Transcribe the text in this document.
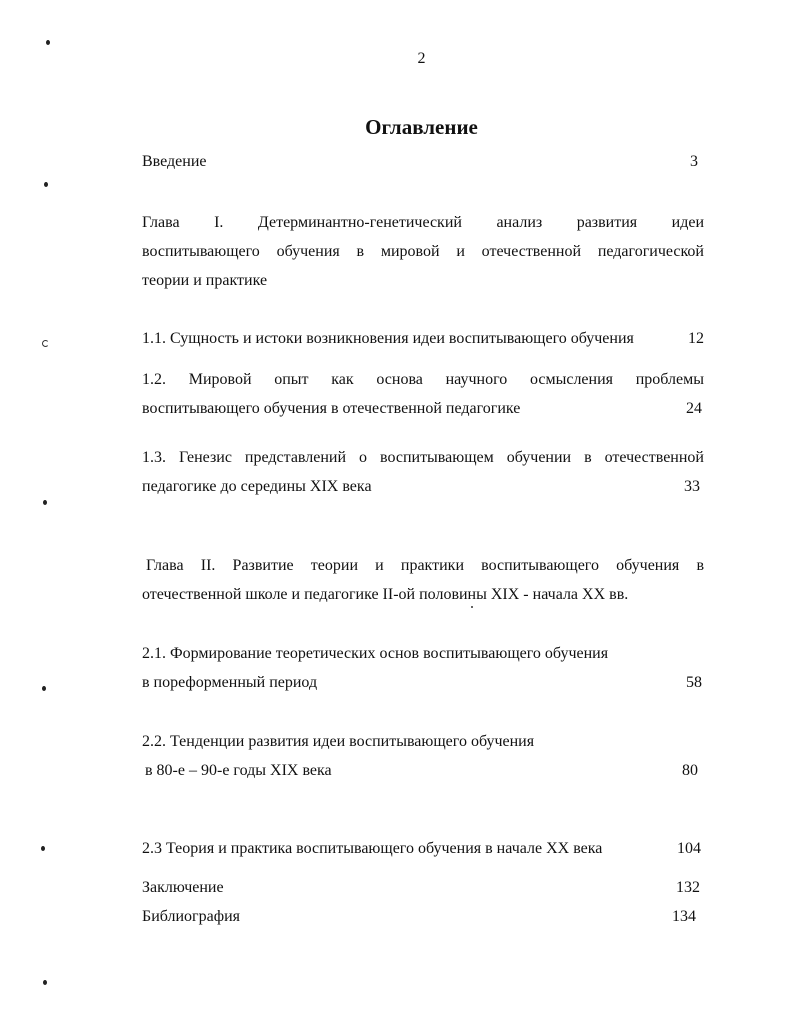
2
Оглавление
Введение	3
Глава I. Детерминантно-генетический анализ развития идеи
воспитывающего обучения в мировой и отечественной педагогической
теории и практике
1.1. Сущность и истоки возникновения идеи воспитывающего обучения	12
1.2. Мировой опыт как основа научного осмысления проблемы
воспитывающего обучения в отечественной педагогике	24
1.3. Генезис представлений о воспитывающем обучении в отечественной
педагогике до середины XIX века	33
Глава II. Развитие теории и практики воспитывающего обучения в
отечественной школе и педагогике II-ой половины XIX - начала XX вв.
2.1. Формирование теоретических основ воспитывающего обучения
в пореформенный период	58
2.2. Тенденции развития идеи воспитывающего обучения
в 80-е – 90-е годы XIX века	80
2.3 Теория и практика воспитывающего обучения в начале XX века	104
Заключение	132
Библиография	134
